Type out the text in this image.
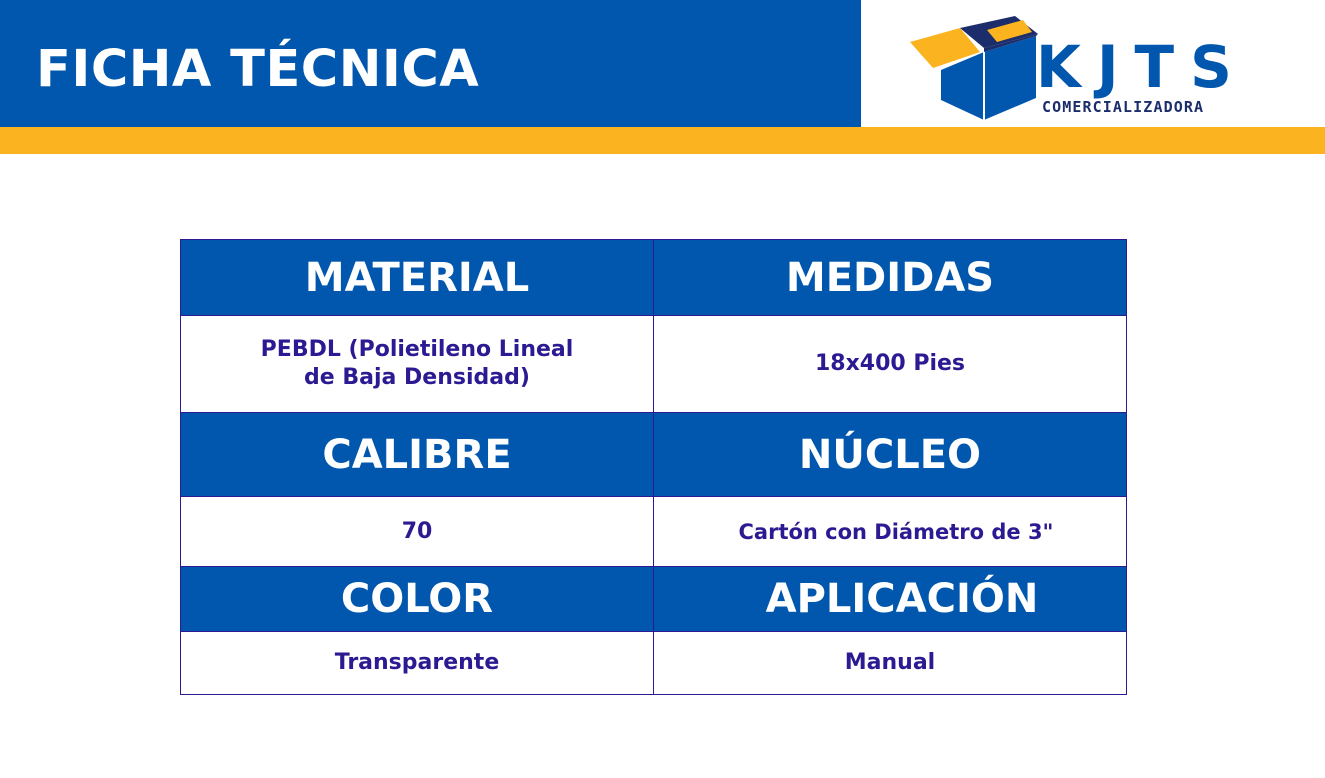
FICHA TÉCNICA	KJTS
COMERCIALIZADORA
MATERIAL	MEDIDAS
PEBDL (Polietileno Lineal
de Baja Densidad)	18x400 Pies
CALIBRE	NÚCLEO
70	Cartón con Diámetro de 3"
COLOR	APLICACIÓN
Transparente	Manual
